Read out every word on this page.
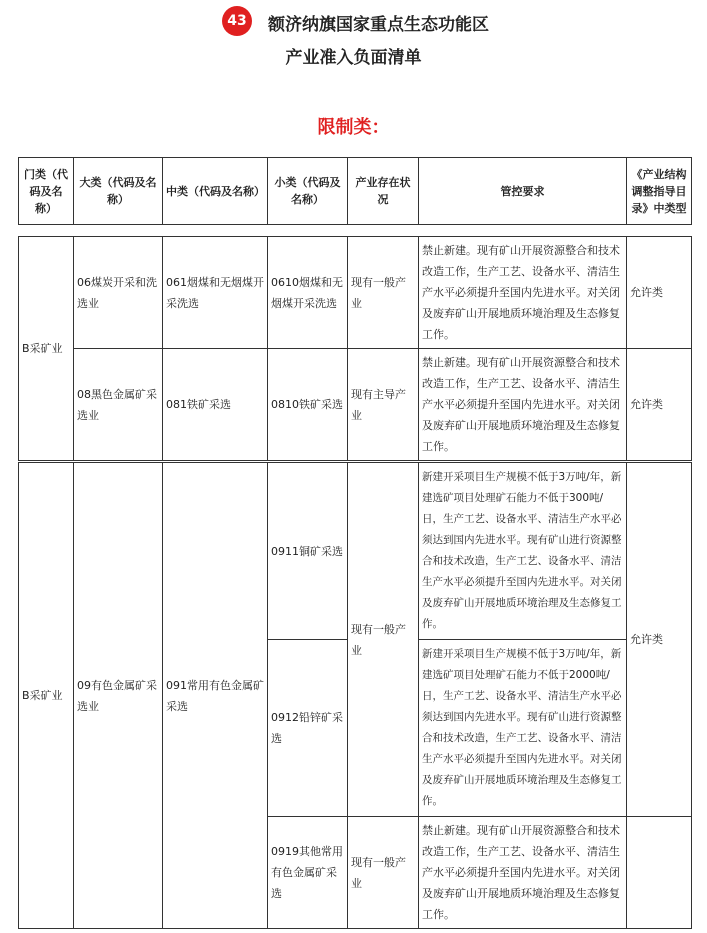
43	额济纳旗国家重点生态功能区
产业准入负面清单
限制类：
门类（代码及名称）	大类（代码及名称）	中类（代码及名称）	小类（代码及名称）	产业存在状况	管控要求	《产业结构调整指导目录》中类型
B采矿业	06煤炭开采和洗选业	061烟煤和无烟煤开采洗选	0610烟煤和无烟煤开采洗选	现有一般产业	禁止新建。现有矿山开展资源整合和技术改造工作，生产工艺、设备水平、清洁生产水平必须提升至国内先进水平。对关闭及废弃矿山开展地质环境治理及生态修复工作。	允许类
	08黑色金属矿采选业	081铁矿采选	0810铁矿采选	现有主导产业	禁止新建。现有矿山开展资源整合和技术改造工作，生产工艺、设备水平、清洁生产水平必须提升至国内先进水平。对关闭及废弃矿山开展地质环境治理及生态修复工作。	允许类
B采矿业	09有色金属矿采选业	091常用有色金属矿采选	0911铜矿采选	现有一般产业	新建开采项目生产规模不低于3万吨/年，新建选矿项目处理矿石能力不低于300吨/日，生产工艺、设备水平、清洁生产水平必须达到国内先进水平。现有矿山进行资源整合和技术改造，生产工艺、设备水平、清洁生产水平必须提升至国内先进水平。对关闭及废弃矿山开展地质环境治理及生态修复工作。	允许类
			0912铅锌矿采选		新建开采项目生产规模不低于3万吨/年，新建选矿项目处理矿石能力不低于2000吨/日，生产工艺、设备水平、清洁生产水平必须达到国内先进水平。现有矿山进行资源整合和技术改造，生产工艺、设备水平、清洁生产水平必须提升至国内先进水平。对关闭及废弃矿山开展地质环境治理及生态修复工作。	
			0919其他常用有色金属矿采选	现有一般产业	禁止新建。现有矿山开展资源整合和技术改造工作，生产工艺、设备水平、清洁生产水平必须提升至国内先进水平。对关闭及废弃矿山开展地质环境治理及生态修复工作。	
